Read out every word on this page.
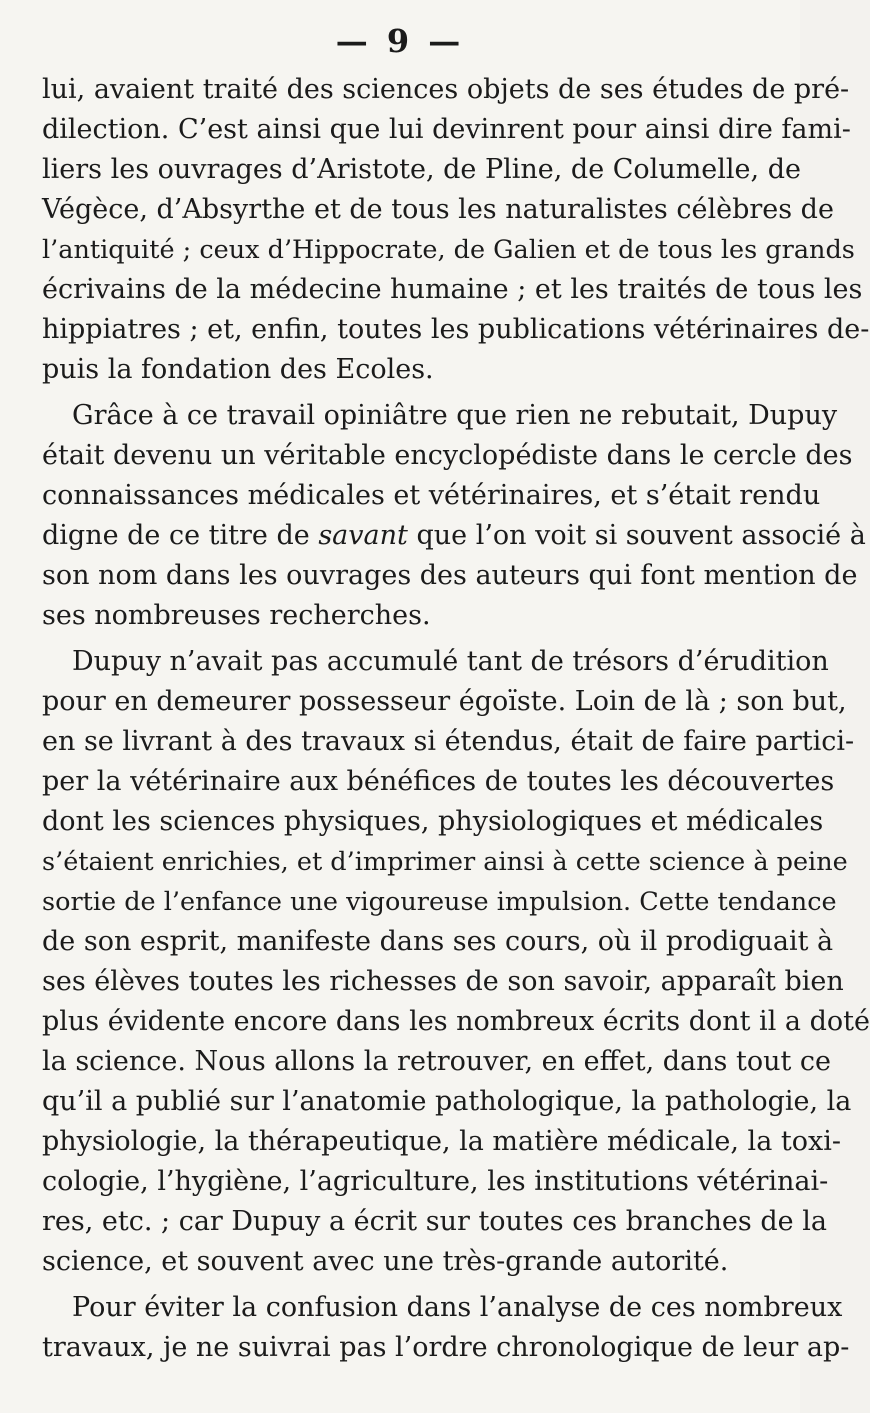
— 9 —
lui, avaient traité des sciences objets de ses études de pré-
dilection. C’est ainsi que lui devinrent pour ainsi dire fami-
liers les ouvrages d’Aristote, de Pline, de Columelle, de
Végèce, d’Absyrthe et de tous les naturalistes célèbres de
l’antiquité ; ceux d’Hippocrate, de Galien et de tous les grands
écrivains de la médecine humaine ; et les traités de tous les
hippiatres ; et, enfin, toutes les publications vétérinaires de-
puis la fondation des Ecoles.
Grâce à ce travail opiniâtre que rien ne rebutait, Dupuy
était devenu un véritable encyclopédiste dans le cercle des
connaissances médicales et vétérinaires, et s’était rendu
digne de ce titre de savant que l’on voit si souvent associé à
son nom dans les ouvrages des auteurs qui font mention de
ses nombreuses recherches.
Dupuy n’avait pas accumulé tant de trésors d’érudition
pour en demeurer possesseur égoïste. Loin de là ; son but,
en se livrant à des travaux si étendus, était de faire partici-
per la vétérinaire aux bénéfices de toutes les découvertes
dont les sciences physiques, physiologiques et médicales
s’étaient enrichies, et d’imprimer ainsi à cette science à peine
sortie de l’enfance une vigoureuse impulsion. Cette tendance
de son esprit, manifeste dans ses cours, où il prodiguait à
ses élèves toutes les richesses de son savoir, apparaît bien
plus évidente encore dans les nombreux écrits dont il a doté
la science. Nous allons la retrouver, en effet, dans tout ce
qu’il a publié sur l’anatomie pathologique, la pathologie, la
physiologie, la thérapeutique, la matière médicale, la toxi-
cologie, l’hygiène, l’agriculture, les institutions vétérinai-
res, etc. ; car Dupuy a écrit sur toutes ces branches de la
science, et souvent avec une très-grande autorité.
Pour éviter la confusion dans l’analyse de ces nombreux
travaux, je ne suivrai pas l’ordre chronologique de leur ap-
